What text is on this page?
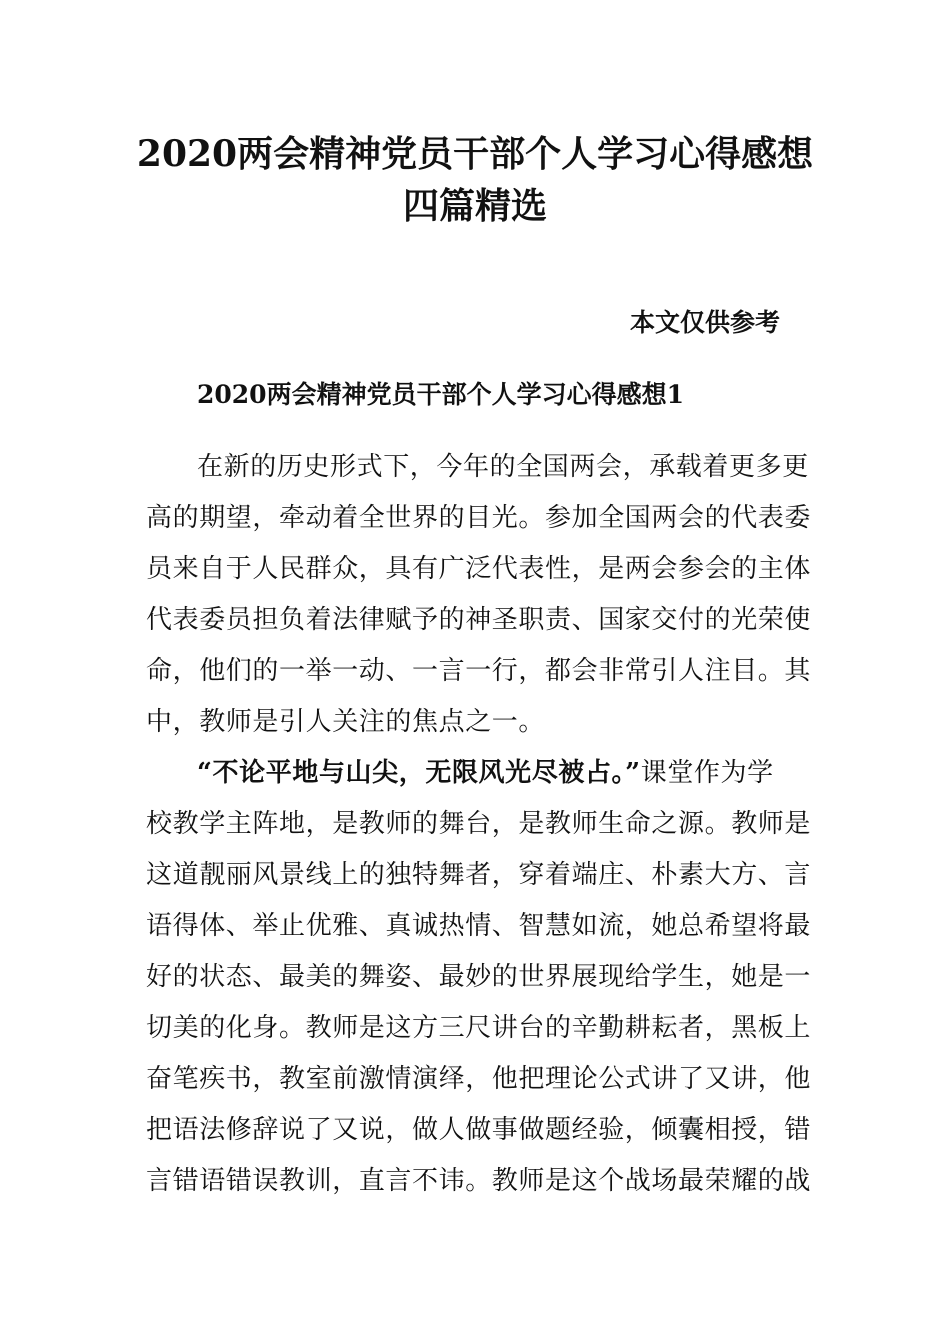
2020两会精神党员干部个人学习心得感想
四篇精选
本文仅供参考
2020两会精神党员干部个人学习心得感想1
在新的历史形式下，今年的全国两会，承载着更多更
高的期望，牵动着全世界的目光。参加全国两会的代表委
员来自于人民群众，具有广泛代表性，是两会参会的主体
代表委员担负着法律赋予的神圣职责、国家交付的光荣使
命，他们的一举一动、一言一行，都会非常引人注目。其
中，教师是引人关注的焦点之一。
“不论平地与山尖，无限风光尽被占。”课堂作为学
校教学主阵地，是教师的舞台，是教师生命之源。教师是
这道靓丽风景线上的独特舞者，穿着端庄、朴素大方、言
语得体、举止优雅、真诚热情、智慧如流，她总希望将最
好的状态、最美的舞姿、最妙的世界展现给学生，她是一
切美的化身。教师是这方三尺讲台的辛勤耕耘者，黑板上
奋笔疾书，教室前激情演绎，他把理论公式讲了又讲，他
把语法修辞说了又说，做人做事做题经验，倾囊相授，错
言错语错误教训，直言不讳。教师是这个战场最荣耀的战
